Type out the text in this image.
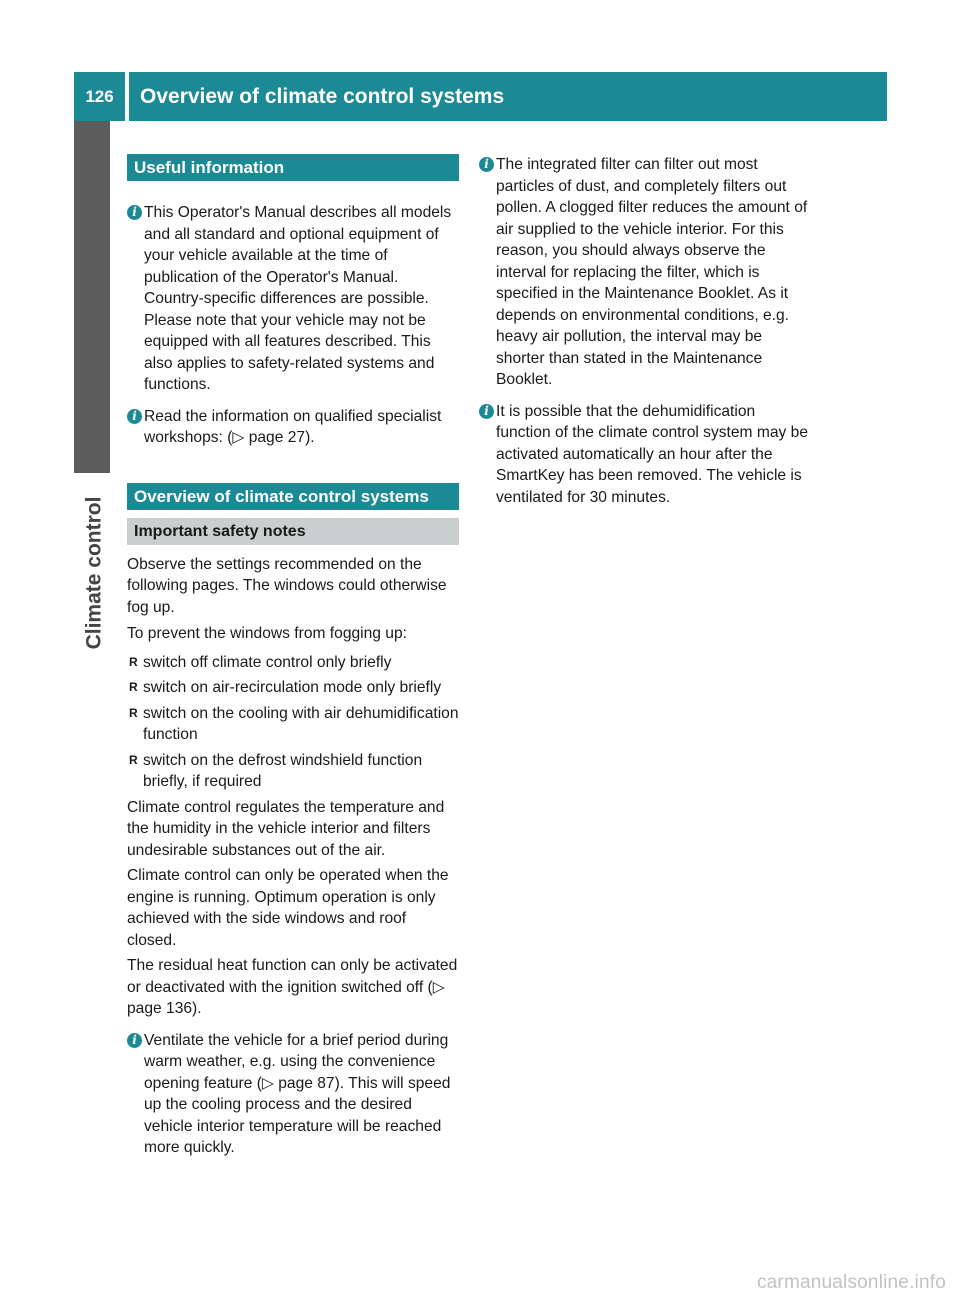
126	Overview of climate control systems
Climate control
Useful information

i This Operator's Manual describes all models and all standard and optional equipment of your vehicle available at the time of publication of the Operator's Manual. Country-specific differences are possible. Please note that your vehicle may not be equipped with all features described. This also applies to safety-related systems and functions.

i Read the information on qualified specialist workshops: (▷ page 27).

Overview of climate control systems
Important safety notes

Observe the settings recommended on the following pages. The windows could otherwise fog up.

To prevent the windows from fogging up:

R switch off climate control only briefly
R switch on air-recirculation mode only briefly
R switch on the cooling with air dehumidification function
R switch on the defrost windshield function briefly, if required

Climate control regulates the temperature and the humidity in the vehicle interior and filters undesirable substances out of the air.

Climate control can only be operated when the engine is running. Optimum operation is only achieved with the side windows and roof closed.

The residual heat function can only be activated or deactivated with the ignition switched off (▷ page 136).

i Ventilate the vehicle for a brief period during warm weather, e.g. using the convenience opening feature (▷ page 87). This will speed up the cooling process and the desired vehicle interior temperature will be reached more quickly.

i The integrated filter can filter out most particles of dust, and completely filters out pollen. A clogged filter reduces the amount of air supplied to the vehicle interior. For this reason, you should always observe the interval for replacing the filter, which is specified in the Maintenance Booklet. As it depends on environmental conditions, e.g. heavy air pollution, the interval may be shorter than stated in the Maintenance Booklet.

i It is possible that the dehumidification function of the climate control system may be activated automatically an hour after the SmartKey has been removed. The vehicle is ventilated for 30 minutes.

carmanualsonline.info
